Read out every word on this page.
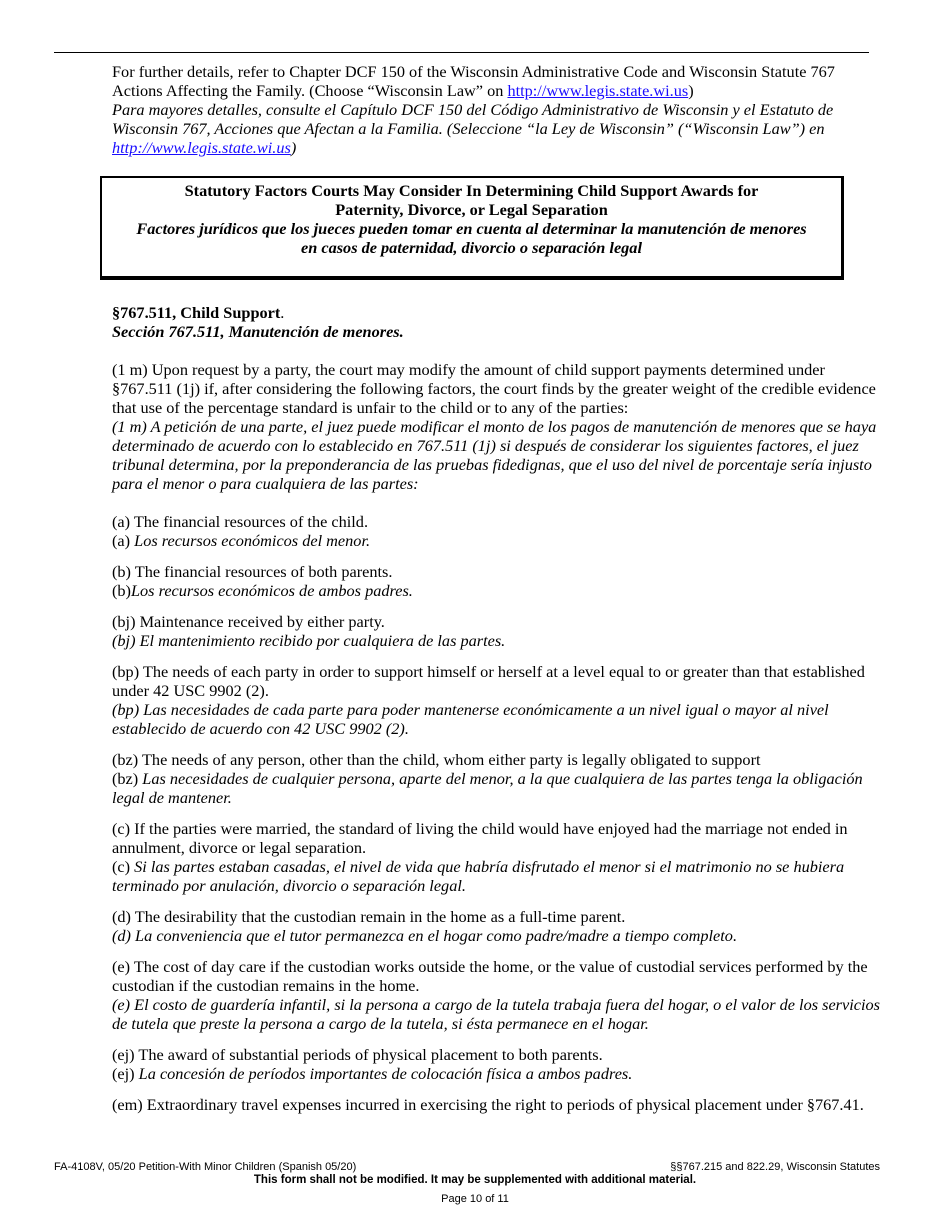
For further details, refer to Chapter DCF 150 of the Wisconsin Administrative Code and Wisconsin Statute 767 Actions Affecting the Family. (Choose “Wisconsin Law” on http://www.legis.state.wi.us)

Para mayores detalles, consulte el Capítulo DCF 150 del Código Administrativo de Wisconsin y el Estatuto de Wisconsin 767, Acciones que Afectan a la Familia. (Seleccione “la Ley de Wisconsin” (“Wisconsin Law”) en http://www.legis.state.wi.us)

Statutory Factors Courts May Consider In Determining Child Support Awards for

Paternity, Divorce, or Legal Separation

Factores jurídicos que los jueces pueden tomar en cuenta al determinar la manutención de menores

en casos de paternidad, divorcio o separación legal

§767.511, Child Support.

Sección 767.511, Manutención de menores.

(1 m) Upon request by a party, the court may modify the amount of child support payments determined under §767.511 (1j) if, after considering the following factors, the court finds by the greater weight of the credible evidence that use of the percentage standard is unfair to the child or to any of the parties:

(1 m) A petición de una parte, el juez puede modificar el monto de los pagos de manutención de menores que se haya determinado de acuerdo con lo establecido en 767.511 (1j) si después de considerar los siguientes factores, el juez tribunal determina, por la preponderancia de las pruebas fidedignas, que el uso del nivel de porcentaje sería injusto para el menor o para cualquiera de las partes:

(a) The financial resources of the child.

(a) Los recursos económicos del menor.

(b) The financial resources of both parents.

(b)Los recursos económicos de ambos padres.

(bj) Maintenance received by either party.

(bj) El mantenimiento recibido por cualquiera de las partes.

(bp) The needs of each party in order to support himself or herself at a level equal to or greater than that established under 42 USC 9902 (2).

(bp) Las necesidades de cada parte para poder mantenerse económicamente a un nivel igual o mayor al nivel establecido de acuerdo con 42 USC 9902 (2).

(bz) The needs of any person, other than the child, whom either party is legally obligated to support

(bz) Las necesidades de cualquier persona, aparte del menor, a la que cualquiera de las partes tenga la obligación legal de mantener.

(c) If the parties were married, the standard of living the child would have enjoyed had the marriage not ended in annulment, divorce or legal separation.

(c) Si las partes estaban casadas, el nivel de vida que habría disfrutado el menor si el matrimonio no se hubiera terminado por anulación, divorcio o separación legal.

(d) The desirability that the custodian remain in the home as a full-time parent.

(d) La conveniencia que el tutor permanezca en el hogar como padre/madre a tiempo completo.

(e) The cost of day care if the custodian works outside the home, or the value of custodial services performed by the custodian if the custodian remains in the home.

(e) El costo de guardería infantil, si la persona a cargo de la tutela trabaja fuera del hogar, o el valor de los servicios de tutela que preste la persona a cargo de la tutela, si ésta permanece en el hogar.

(ej) The award of substantial periods of physical placement to both parents.

(ej) La concesión de períodos importantes de colocación física a ambos padres.

(em) Extraordinary travel expenses incurred in exercising the right to periods of physical placement under §767.41.

FA-4108V, 05/20 Petition-With Minor Children (Spanish 05/20)	§§767.215 and 822.29, Wisconsin Statutes
This form shall not be modified. It may be supplemented with additional material.
Page 10 of 11
